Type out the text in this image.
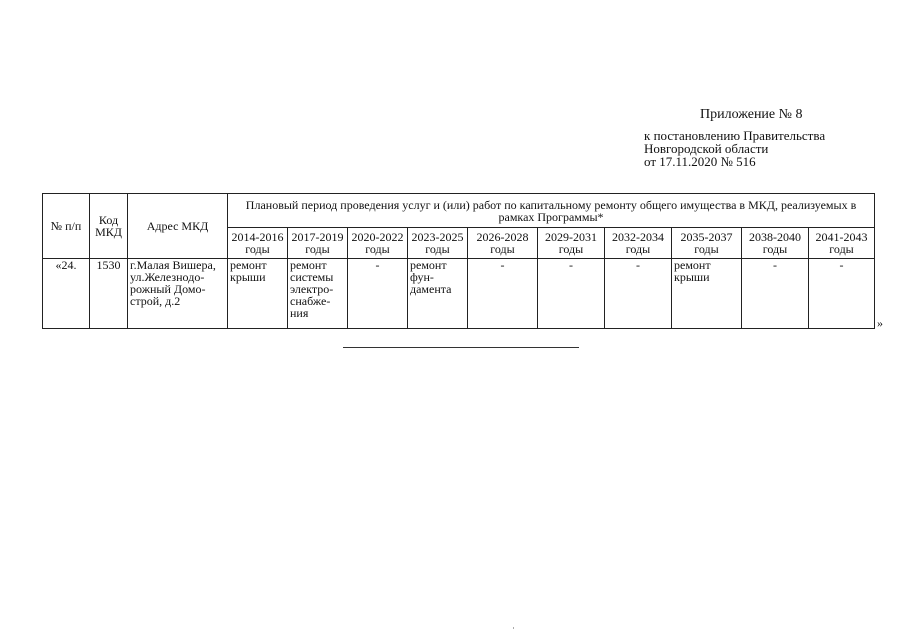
Приложение № 8
к постановлению Правительства
Новгородской области
от 17.11.2020 № 516
№ п/п	Код МКД	Адрес МКД	Плановый период проведения услуг и (или) работ по капитальному ремонту общего имущества в МКД, реализуемых в рамках Программы*									
			2014-2016 годы	2017-2019 годы	2020-2022 годы	2023-2025 годы	2026-2028 годы	2029-2031 годы	2032-2034 годы	2035-2037 годы	2038-2040 годы	2041-2043 годы
«24.	1530	г.Малая Вишера, ул.Железнодо-рожный Домо-строй, д.2	ремонт крыши	ремонт системы электро-снабже-ния	-	ремонт фун-дамента	-	-	-	ремонт крыши	-	-
»
